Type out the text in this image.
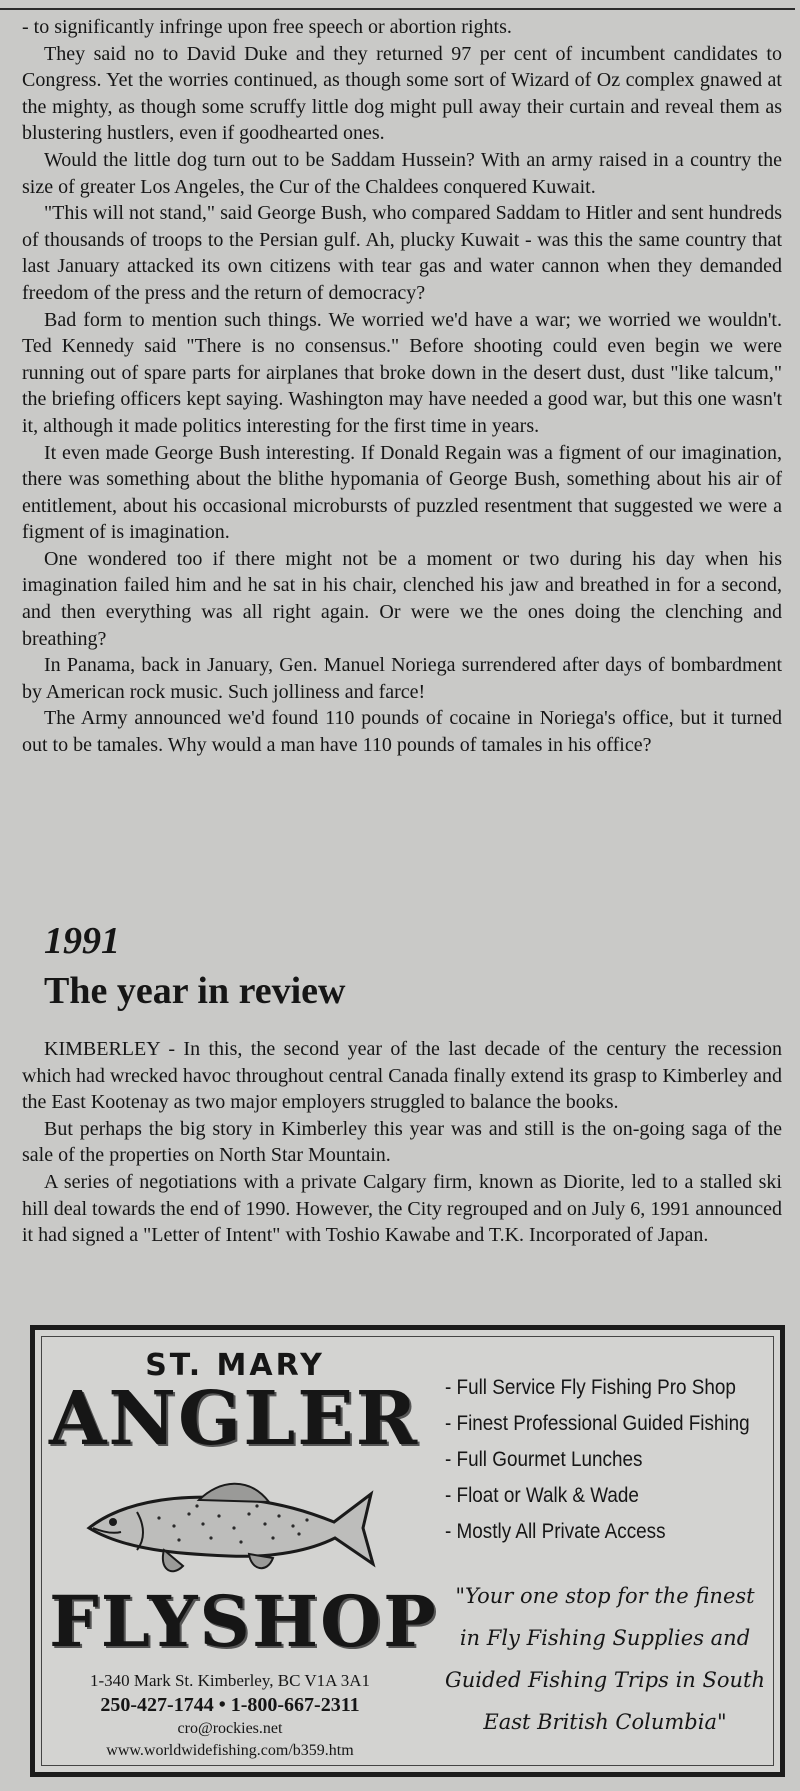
- to significantly infringe upon free speech or abortion rights.

They said no to David Duke and they returned 97 per cent of incumbent candidates to Congress. Yet the worries continued, as though some sort of Wizard of Oz complex gnawed at the mighty, as though some scruffy little dog might pull away their curtain and reveal them as blustering hustlers, even if goodhearted ones.

Would the little dog turn out to be Saddam Hussein? With an army raised in a country the size of greater Los Angeles, the Cur of the Chaldees conquered Kuwait.

"This will not stand," said George Bush, who compared Saddam to Hitler and sent hundreds of thousands of troops to the Persian gulf. Ah, plucky Kuwait - was this the same country that last January attacked its own citizens with tear gas and water cannon when they demanded freedom of the press and the return of democracy?

Bad form to mention such things. We worried we'd have a war; we worried we wouldn't. Ted Kennedy said "There is no consensus." Before shooting could even begin we were running out of spare parts for airplanes that broke down in the desert dust, dust "like talcum," the briefing officers kept saying. Washington may have needed a good war, but this one wasn't it, although it made politics interesting for the first time in years.

It even made George Bush interesting. If Donald Regain was a figment of our imagination, there was something about the blithe hypomania of George Bush, something about his air of entitlement, about his occasional microbursts of puzzled resentment that suggested we were a figment of is imagination.

One wondered too if there might not be a moment or two during his day when his imagination failed him and he sat in his chair, clenched his jaw and breathed in for a second, and then everything was all right again. Or were we the ones doing the clenching and breathing?

In Panama, back in January, Gen. Manuel Noriega surrendered after days of bombardment by American rock music. Such jolliness and farce!

The Army announced we'd found 110 pounds of cocaine in Noriega's office, but it turned out to be tamales. Why would a man have 110 pounds of tamales in his office?

1991
The year in review

KIMBERLEY - In this, the second year of the last decade of the century the recession which had wrecked havoc throughout central Canada finally extend its grasp to Kimberley and the East Kootenay as two major employers struggled to balance the books.

But perhaps the big story in Kimberley this year was and still is the on-going saga of the sale of the properties on North Star Mountain.

A series of negotiations with a private Calgary firm, known as Diorite, led to a stalled ski hill deal towards the end of 1990. However, the City regrouped and on July 6, 1991 announced it had signed a "Letter of Intent" with Toshio Kawabe and T.K. Incorporated of Japan.

ST. MARY
ANGLER
FLYSHOP
1-340 Mark St. Kimberley, BC V1A 3A1
250-427-1744 • 1-800-667-2311
cro@rockies.net
www.worldwidefishing.com/b359.htm
- Full Service Fly Fishing Pro Shop
- Finest Professional Guided Fishing
- Full Gourmet Lunches
- Float or Walk & Wade
- Mostly All Private Access
"Your one stop for the finest
in Fly Fishing Supplies and
Guided Fishing Trips in South
East British Columbia"
